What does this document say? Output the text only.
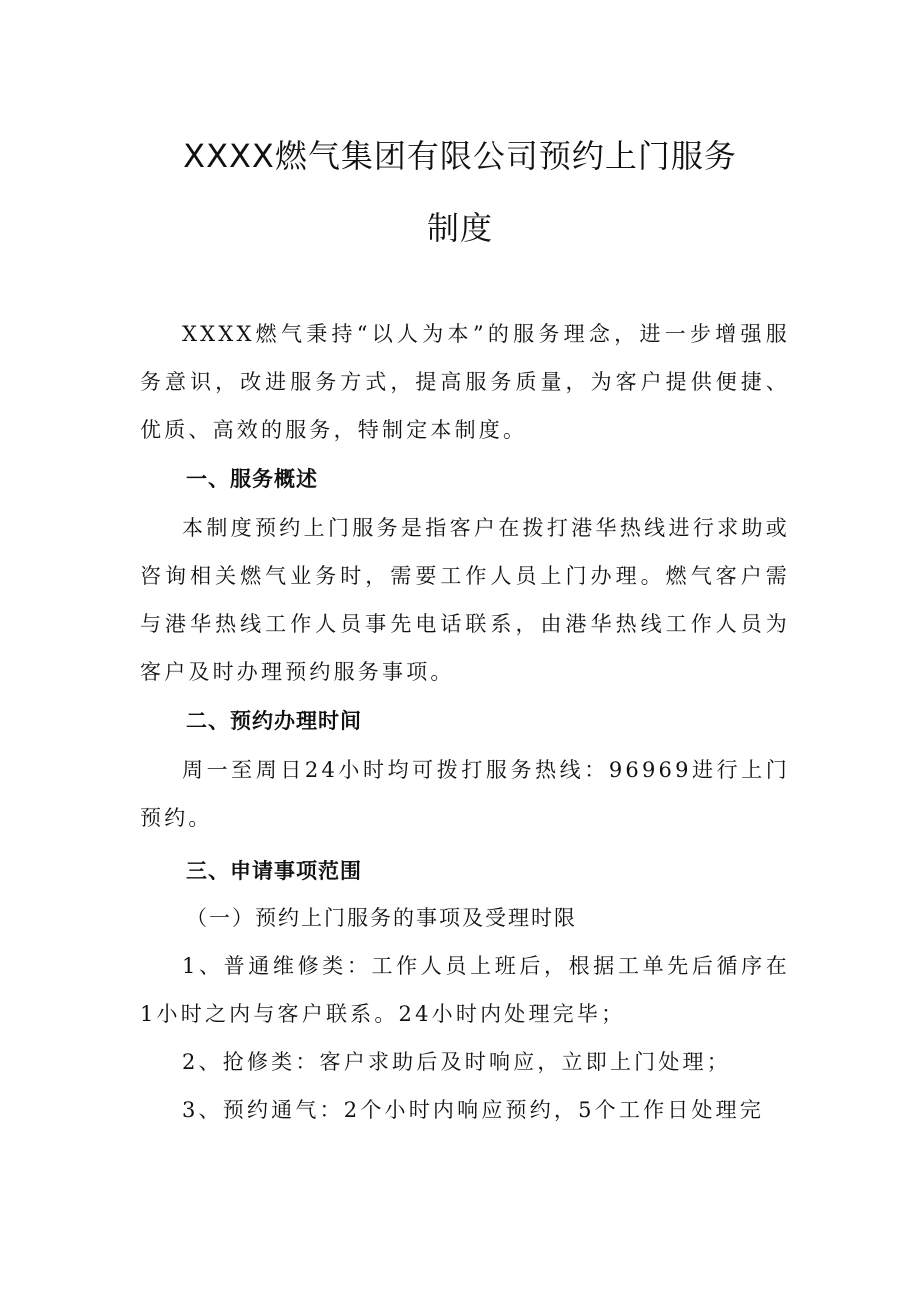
XXXX燃气集团有限公司预约上门服务
制度
XXXX燃气秉持“以人为本”的服务理念，进一步增强服务意识，改进服务方式，提高服务质量，为客户提供便捷、优质、高效的服务，特制定本制度。
一、服务概述
本制度预约上门服务是指客户在拨打港华热线进行求助或咨询相关燃气业务时，需要工作人员上门办理。燃气客户需与港华热线工作人员事先电话联系，由港华热线工作人员为客户及时办理预约服务事项。
二、预约办理时间
周一至周日24小时均可拨打服务热线：96969进行上门预约。
三、申请事项范围
（一）预约上门服务的事项及受理时限
1、普通维修类：工作人员上班后，根据工单先后循序在1小时之内与客户联系。24小时内处理完毕；
2、抢修类：客户求助后及时响应，立即上门处理；
3、预约通气：2个小时内响应预约，5个工作日处理完
